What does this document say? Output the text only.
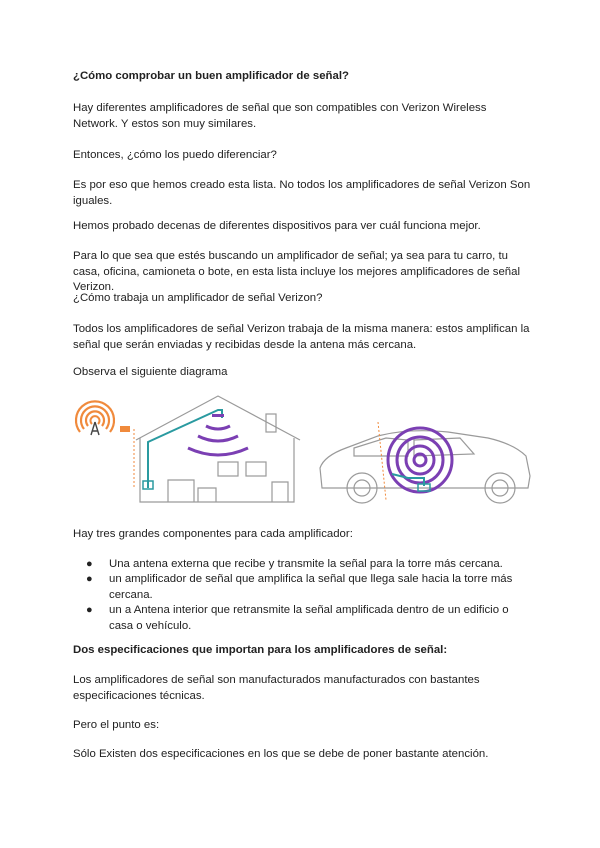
¿Cómo comprobar un buen amplificador de señal?

Hay diferentes amplificadores de señal que son compatibles con Verizon Wireless Network. Y estos son muy similares.

Entonces, ¿cómo los puedo diferenciar?

Es por eso que hemos creado esta lista. No todos los amplificadores de señal Verizon Son iguales.

Hemos probado decenas de diferentes dispositivos para ver cuál funciona mejor.

Para lo que sea que estés buscando un amplificador de señal; ya sea para tu carro, tu casa, oficina, camioneta o bote, en esta lista incluye los mejores amplificadores de señal Verizon.

¿Cómo trabaja un amplificador de señal Verizon?

Todos los amplificadores de señal Verizon trabaja de la misma manera: estos amplifican la señal que serán enviadas y recibidas desde la antena más cercana.

Observa el siguiente diagrama

Hay tres grandes componentes para cada amplificador:

●	Una antena externa que recibe y transmite la señal para la torre más cercana.
●	un amplificador de señal que amplifica la señal que llega sale hacia la torre más cercana.
●	un a Antena interior que retransmite la señal amplificada dentro de un edificio o casa o vehículo.

Dos especificaciones que importan para los amplificadores de señal:

Los amplificadores de señal son manufacturados manufacturados con bastantes especificaciones técnicas.

Pero el punto es:

Sólo Existen dos especificaciones en los que se debe de poner bastante atención.
